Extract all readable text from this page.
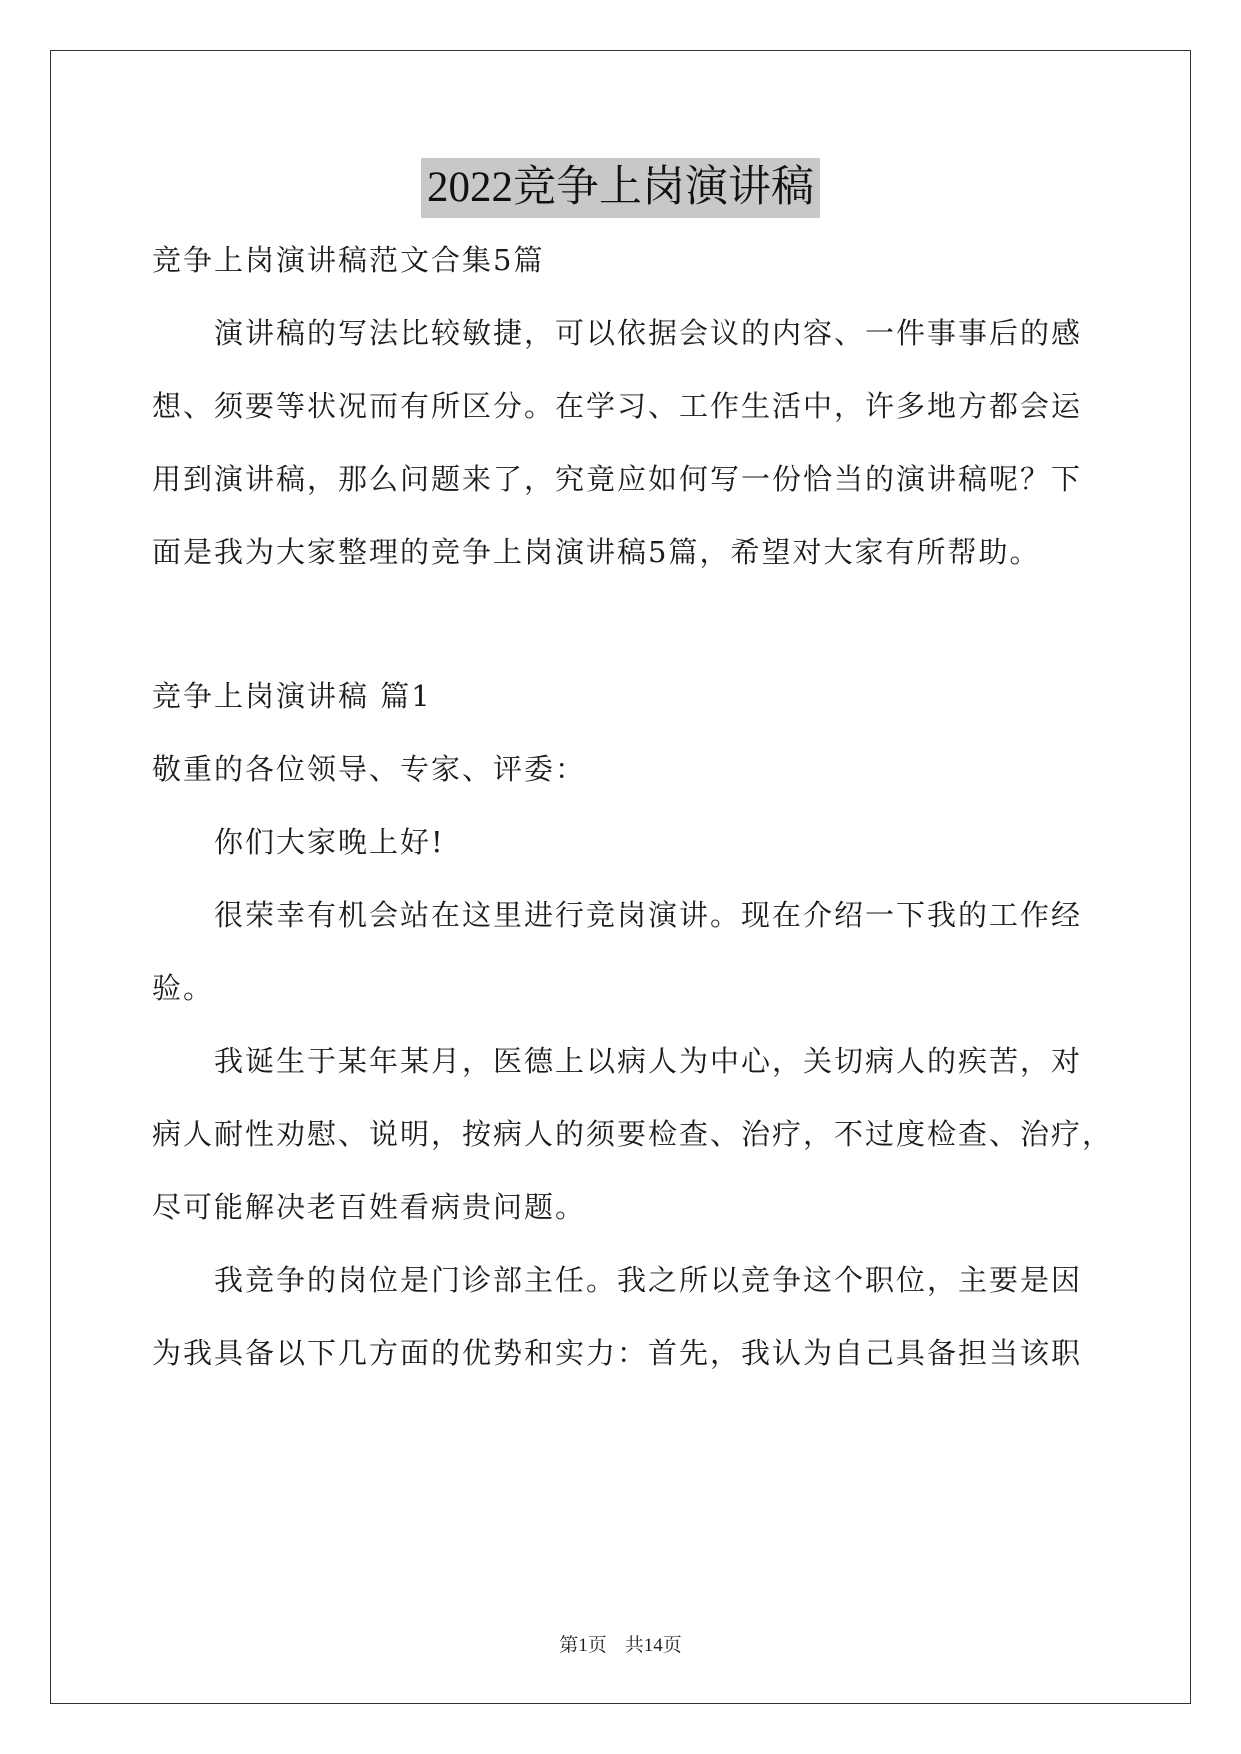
2022竞争上岗演讲稿
竞争上岗演讲稿范文合集5篇
演讲稿的写法比较敏捷，可以依据会议的内容、一件事事后的感
想、须要等状况而有所区分。在学习、工作生活中，许多地方都会运
用到演讲稿，那么问题来了，究竟应如何写一份恰当的演讲稿呢？下
面是我为大家整理的竞争上岗演讲稿5篇，希望对大家有所帮助。
竞争上岗演讲稿 篇1
敬重的各位领导、专家、评委：
你们大家晚上好!
很荣幸有机会站在这里进行竞岗演讲。现在介绍一下我的工作经
验。
我诞生于某年某月，医德上以病人为中心，关切病人的疾苦，对
病人耐性劝慰、说明，按病人的须要检查、治疗，不过度检查、治疗，
尽可能解决老百姓看病贵问题。
我竞争的岗位是门诊部主任。我之所以竞争这个职位，主要是因
为我具备以下几方面的优势和实力：首先，我认为自己具备担当该职
第1页 共14页
